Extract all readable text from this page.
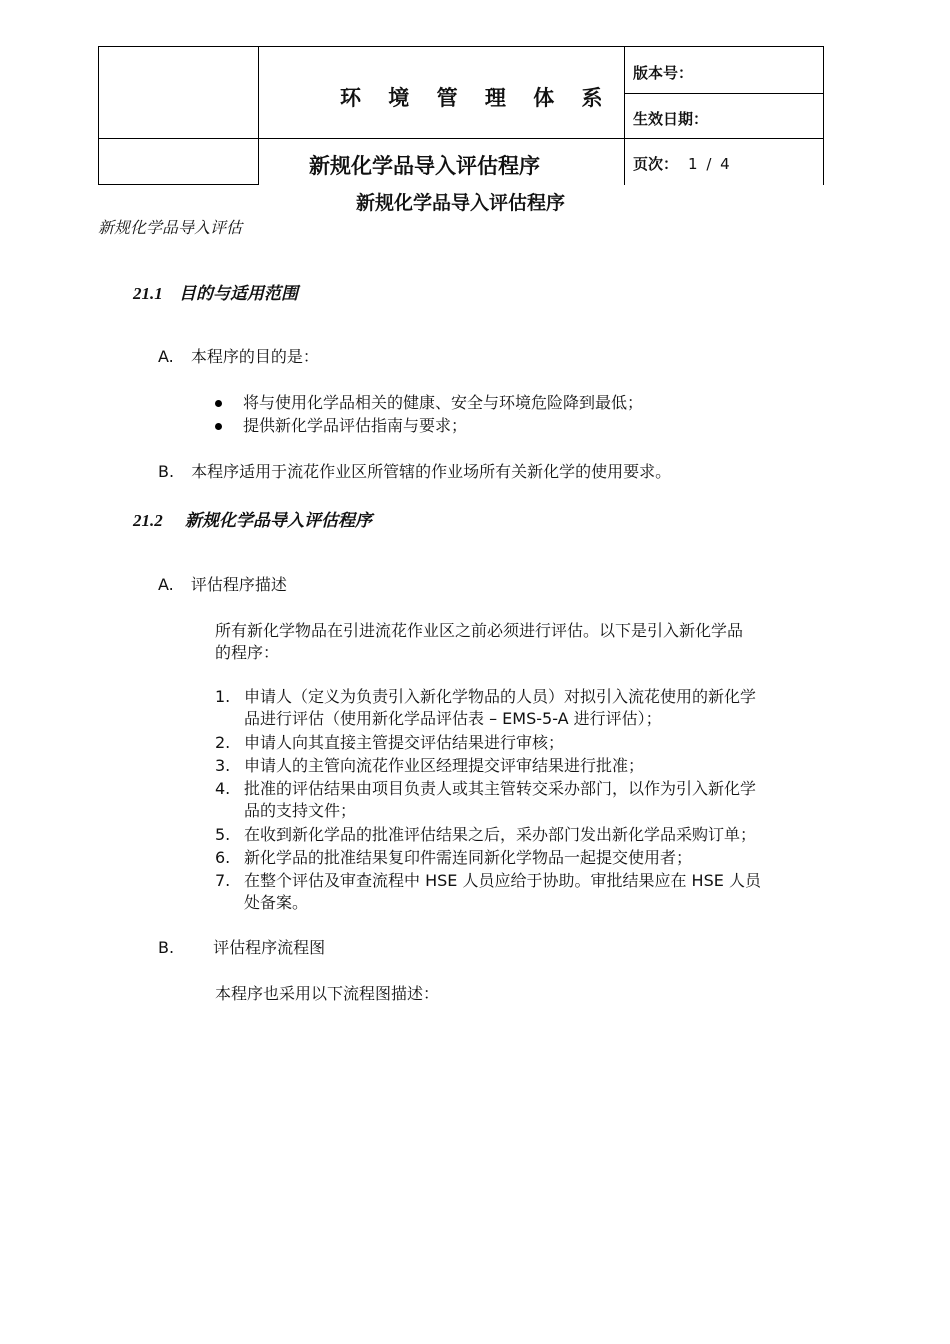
环 境 管 理 体 系
版本号：
生效日期：
新规化学品导入评估程序	页次： 1 / 4
新规化学品导入评估程序
新规化学品导入评估
21.1 目的与适用范围
A. 本程序的目的是：
将与使用化学品相关的健康、安全与环境危险降到最低；
提供新化学品评估指南与要求；
B. 本程序适用于流花作业区所管辖的作业场所有关新化学的使用要求。
21.2 新规化学品导入评估程序
A. 评估程序描述
所有新化学物品在引进流花作业区之前必须进行评估。以下是引入新化学品
的程序：
1. 申请人（定义为负责引入新化学物品的人员）对拟引入流花使用的新化学
品进行评估（使用新化学品评估表 – EMS-5-A 进行评估）；
2. 申请人向其直接主管提交评估结果进行审核；
3. 申请人的主管向流花作业区经理提交评审结果进行批准；
4. 批准的评估结果由项目负责人或其主管转交采办部门，以作为引入新化学
品的支持文件；
5. 在收到新化学品的批准评估结果之后，采办部门发出新化学品采购订单；
6. 新化学品的批准结果复印件需连同新化学物品一起提交使用者；
7. 在整个评估及审查流程中 HSE 人员应给于协助。审批结果应在 HSE 人员
处备案。
B. 评估程序流程图
本程序也采用以下流程图描述：
